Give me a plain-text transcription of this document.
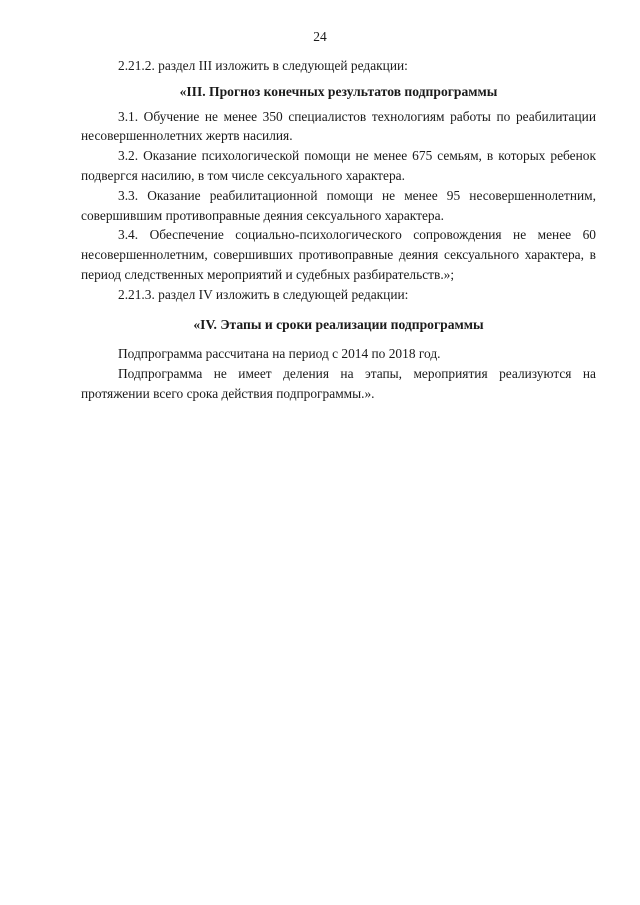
24

2.21.2. раздел III изложить в следующей редакции:

«III. Прогноз конечных результатов подпрограммы

3.1. Обучение не менее 350 специалистов технологиям работы по реабилитации несовершеннолетних жертв насилия.

3.2. Оказание психологической помощи не менее 675 семьям, в которых ребенок подвергся насилию, в том числе сексуального характера.

3.3. Оказание реабилитационной помощи не менее 95 несовершеннолетним, совершившим противоправные деяния сексуального характера.

3.4. Обеспечение социально-психологического сопровождения не менее 60 несовершеннолетним, совершивших противоправные деяния сексуального характера, в период следственных мероприятий и судебных разбирательств.»;

2.21.3. раздел IV изложить в следующей редакции:

«IV. Этапы и сроки реализации подпрограммы

Подпрограмма рассчитана на период с 2014 по 2018 год.

Подпрограмма не имеет деления на этапы, мероприятия реализуются на протяжении всего срока действия подпрограммы.».
